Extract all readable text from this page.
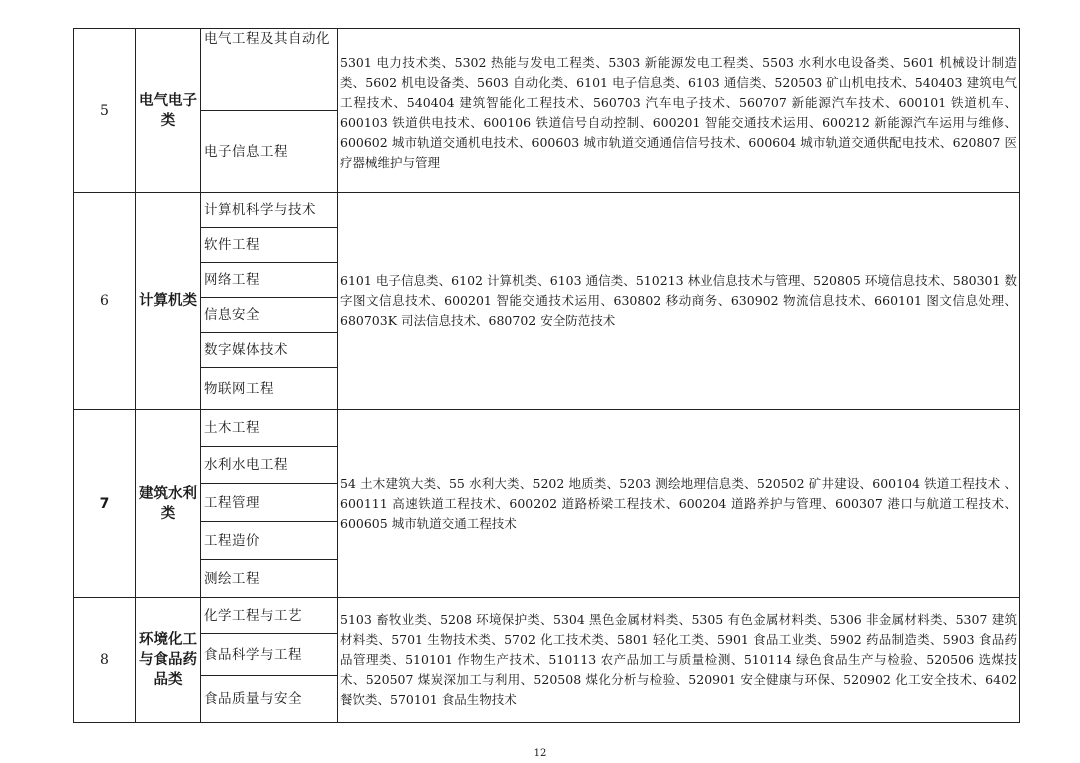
5	电气电子类	电气工程及其自动化	5301 电力技术类、5302 热能与发电工程类、5303 新能源发电工程类、5503 水利水电设备类、5601 机械设计制造类、5602 机电设备类、5603 自动化类、6101 电子信息类、6103 通信类、520503 矿山机电技术、540403 建筑电气工程技术、540404 建筑智能化工程技术、560703 汽车电子技术、560707 新能源汽车技术、600101 铁道机车、600103 铁道供电技术、600106 铁道信号自动控制、600201 智能交通技术运用、600212 新能源汽车运用与维修、600602 城市轨道交通机电技术、600603 城市轨道交通通信信号技术、600604 城市轨道交通供配电技术、620807 医疗器械维护与管理
		电子信息工程	
6	计算机类	计算机科学与技术	6101 电子信息类、6102 计算机类、6103 通信类、510213 林业信息技术与管理、520805 环境信息技术、580301 数字图文信息技术、600201 智能交通技术运用、630802 移动商务、630902 物流信息技术、660101 图文信息处理、680703K 司法信息技术、680702 安全防范技术
		软件工程	
		网络工程	
		信息安全	
		数字媒体技术	
		物联网工程	
7	建筑水利类	土木工程	54 土木建筑大类、55 水利大类、5202 地质类、5203 测绘地理信息类、520502 矿井建设、600104 铁道工程技术 、600111 高速铁道工程技术、600202 道路桥梁工程技术、600204 道路养护与管理、600307 港口与航道工程技术、600605 城市轨道交通工程技术
		水利水电工程	
		工程管理	
		工程造价	
		测绘工程	
8	环境化工与食品药品类	化学工程与工艺	5103 畜牧业类、5208 环境保护类、5304 黑色金属材料类、5305 有色金属材料类、5306 非金属材料类、5307 建筑材料类、5701 生物技术类、5702 化工技术类、5801 轻化工类、5901 食品工业类、5902 药品制造类、5903 食品药品管理类、510101 作物生产技术、510113 农产品加工与质量检测、510114 绿色食品生产与检验、520506 选煤技术、520507 煤炭深加工与利用、520508 煤化分析与检验、520901 安全健康与环保、520902 化工安全技术、6402 餐饮类、570101 食品生物技术
		食品科学与工程	
		食品质量与安全	
12
